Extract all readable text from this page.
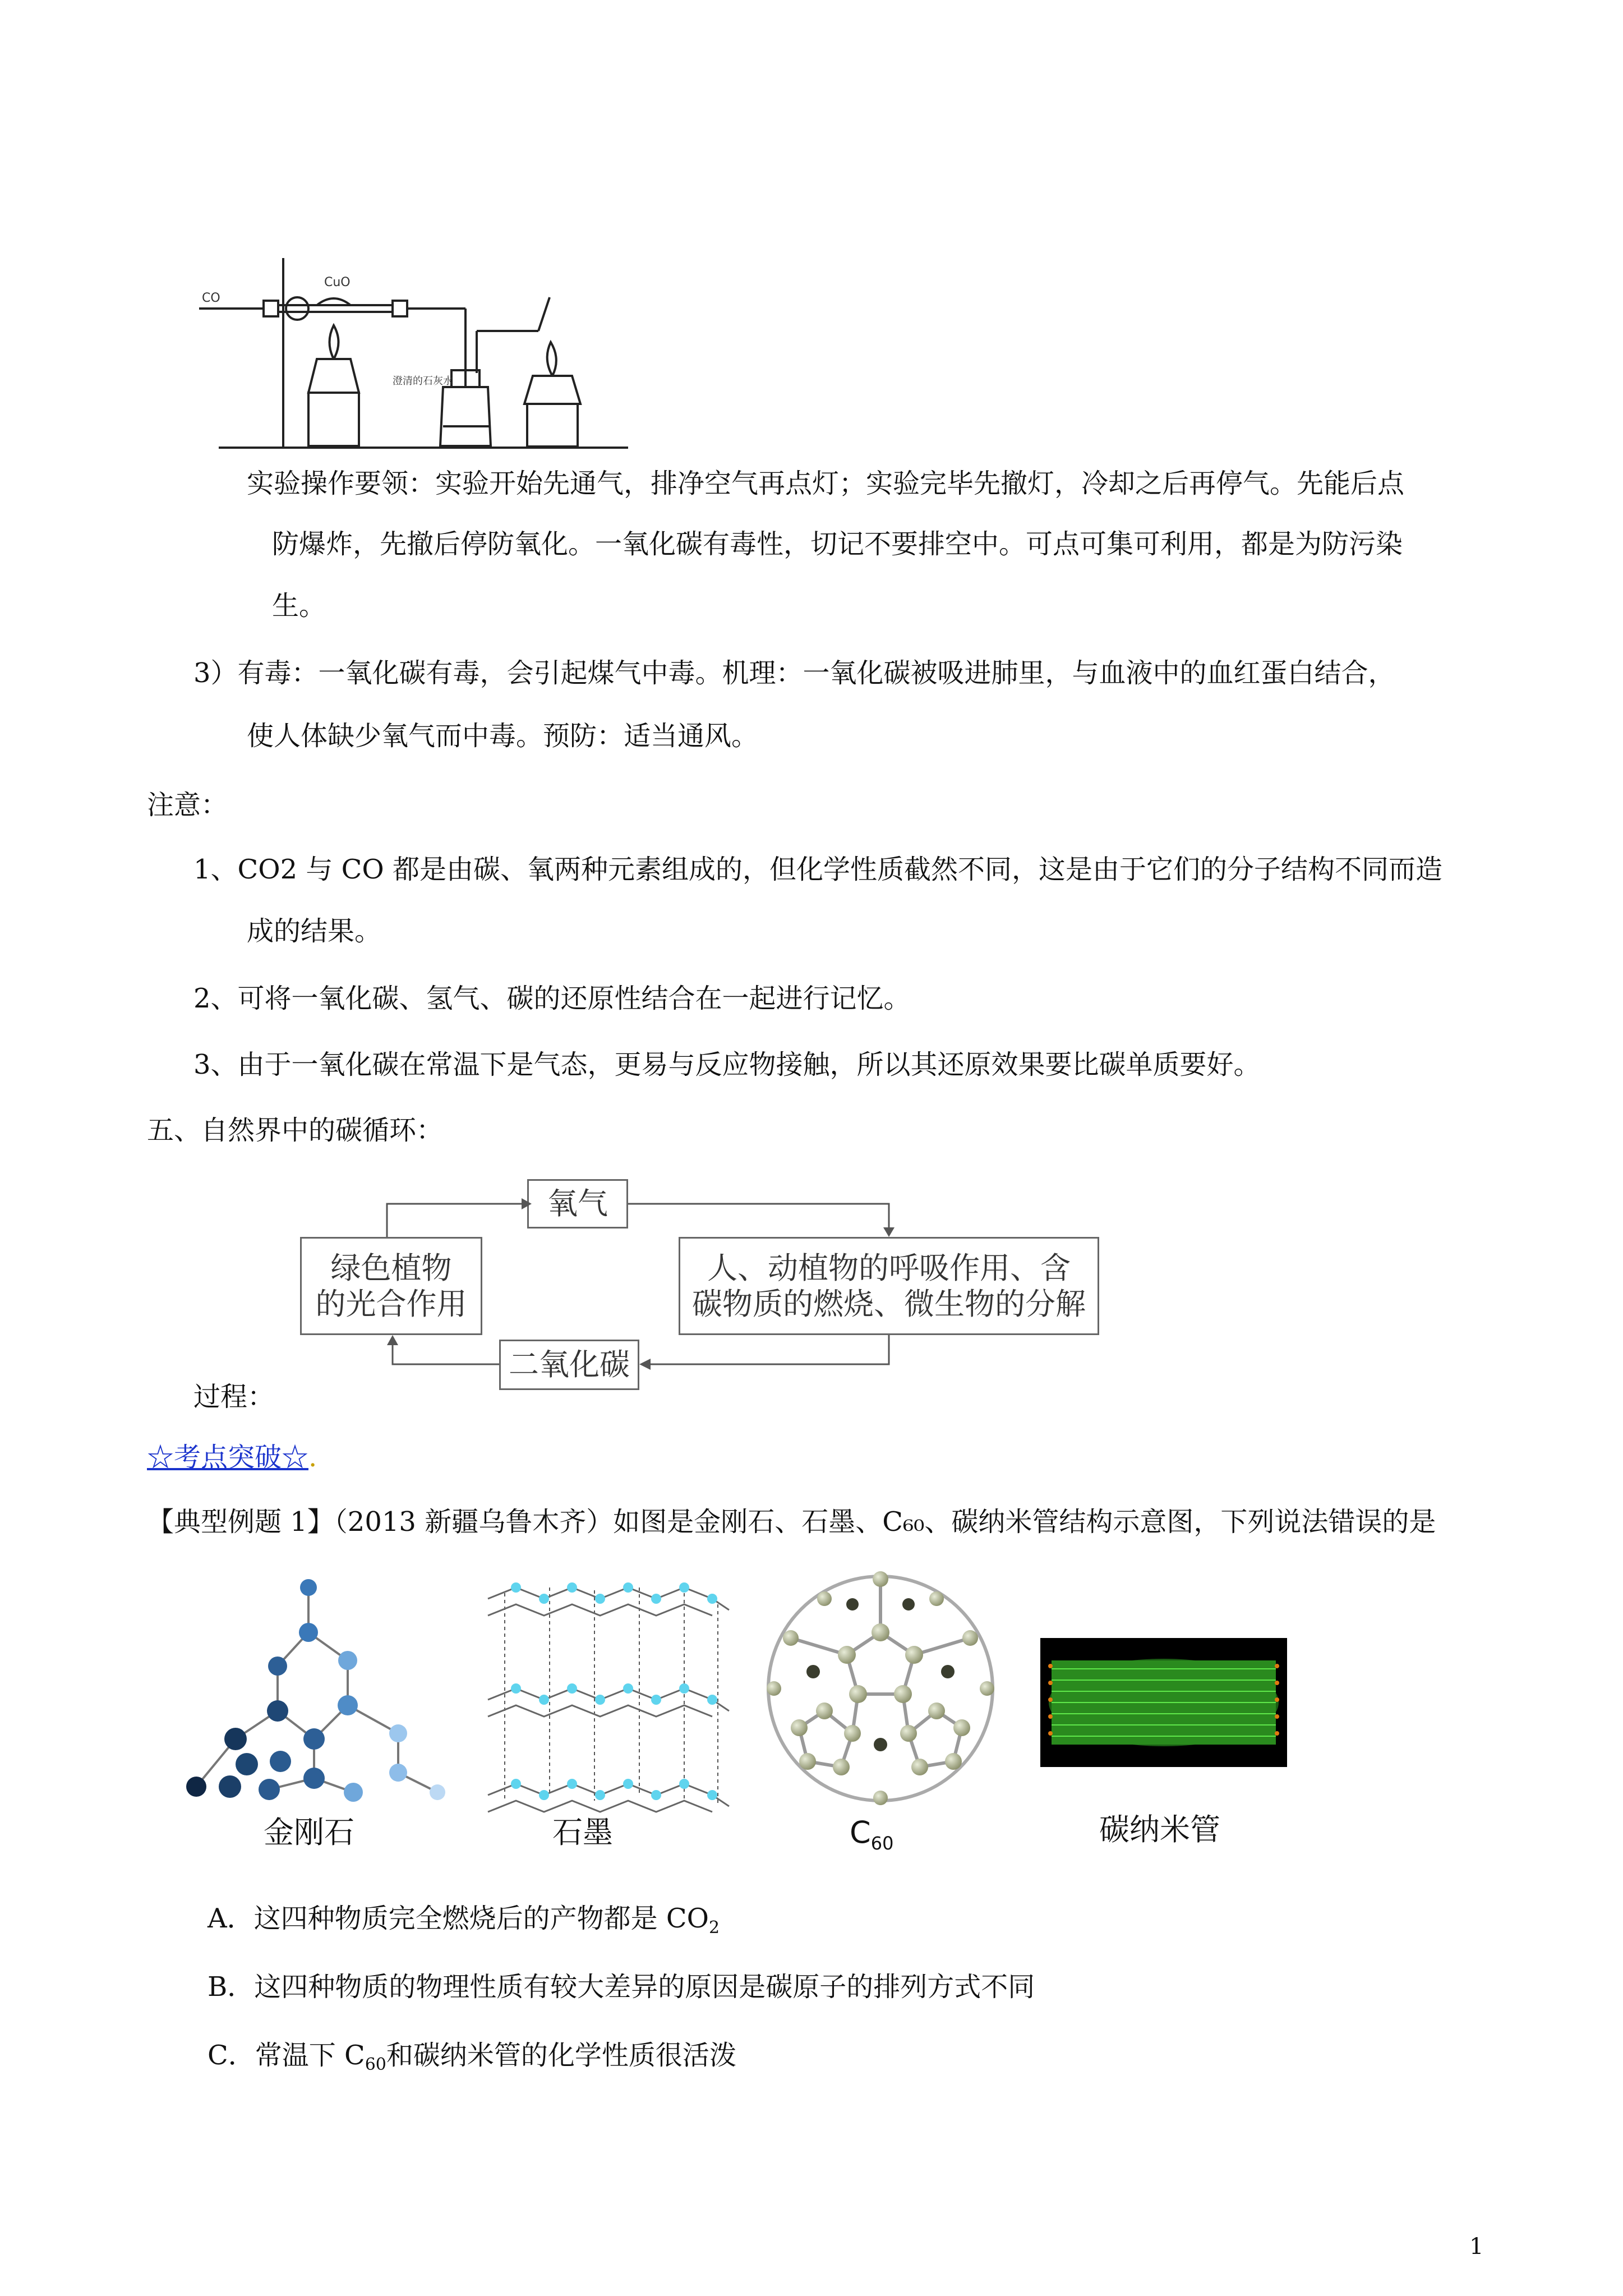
CO
CuO
澄清的石灰水
实验操作要领：实验开始先通气，排净空气再点灯；实验完毕先撤灯，冷却之后再停气。先能后点
防爆炸，先撤后停防氧化。一氧化碳有毒性，切记不要排空中。可点可集可利用，都是为防污染
生。
3）有毒：一氧化碳有毒，会引起煤气中毒。机理：一氧化碳被吸进肺里，与血液中的血红蛋白结合，
使人体缺少氧气而中毒。预防：适当通风。
注意：
1、CO2 与 CO 都是由碳、氧两种元素组成的，但化学性质截然不同，这是由于它们的分子结构不同而造
成的结果。
2、可将一氧化碳、氢气、碳的还原性结合在一起进行记忆。
3、由于一氧化碳在常温下是气态，更易与反应物接触，所以其还原效果要比碳单质要好。
五、自然界中的碳循环：
氧气
绿色植物
的光合作用
人、动植物的呼吸作用、含
碳物质的燃烧、微生物的分解
二氧化碳
过程：
☆考点突破☆.
【典型例题 1】（2013 新疆乌鲁木齐）如图是金刚石、石墨、C₆₀、碳纳米管结构示意图，下列说法错误的是
金刚石	石墨	$C_{60}$	碳纳米管
A．这四种物质完全燃烧后的产物都是 $CO_2$
B．这四种物质的物理性质有较大差异的原因是碳原子的排列方式不同
C．常温下 $C_{60}$和碳纳米管的化学性质很活泼
1
